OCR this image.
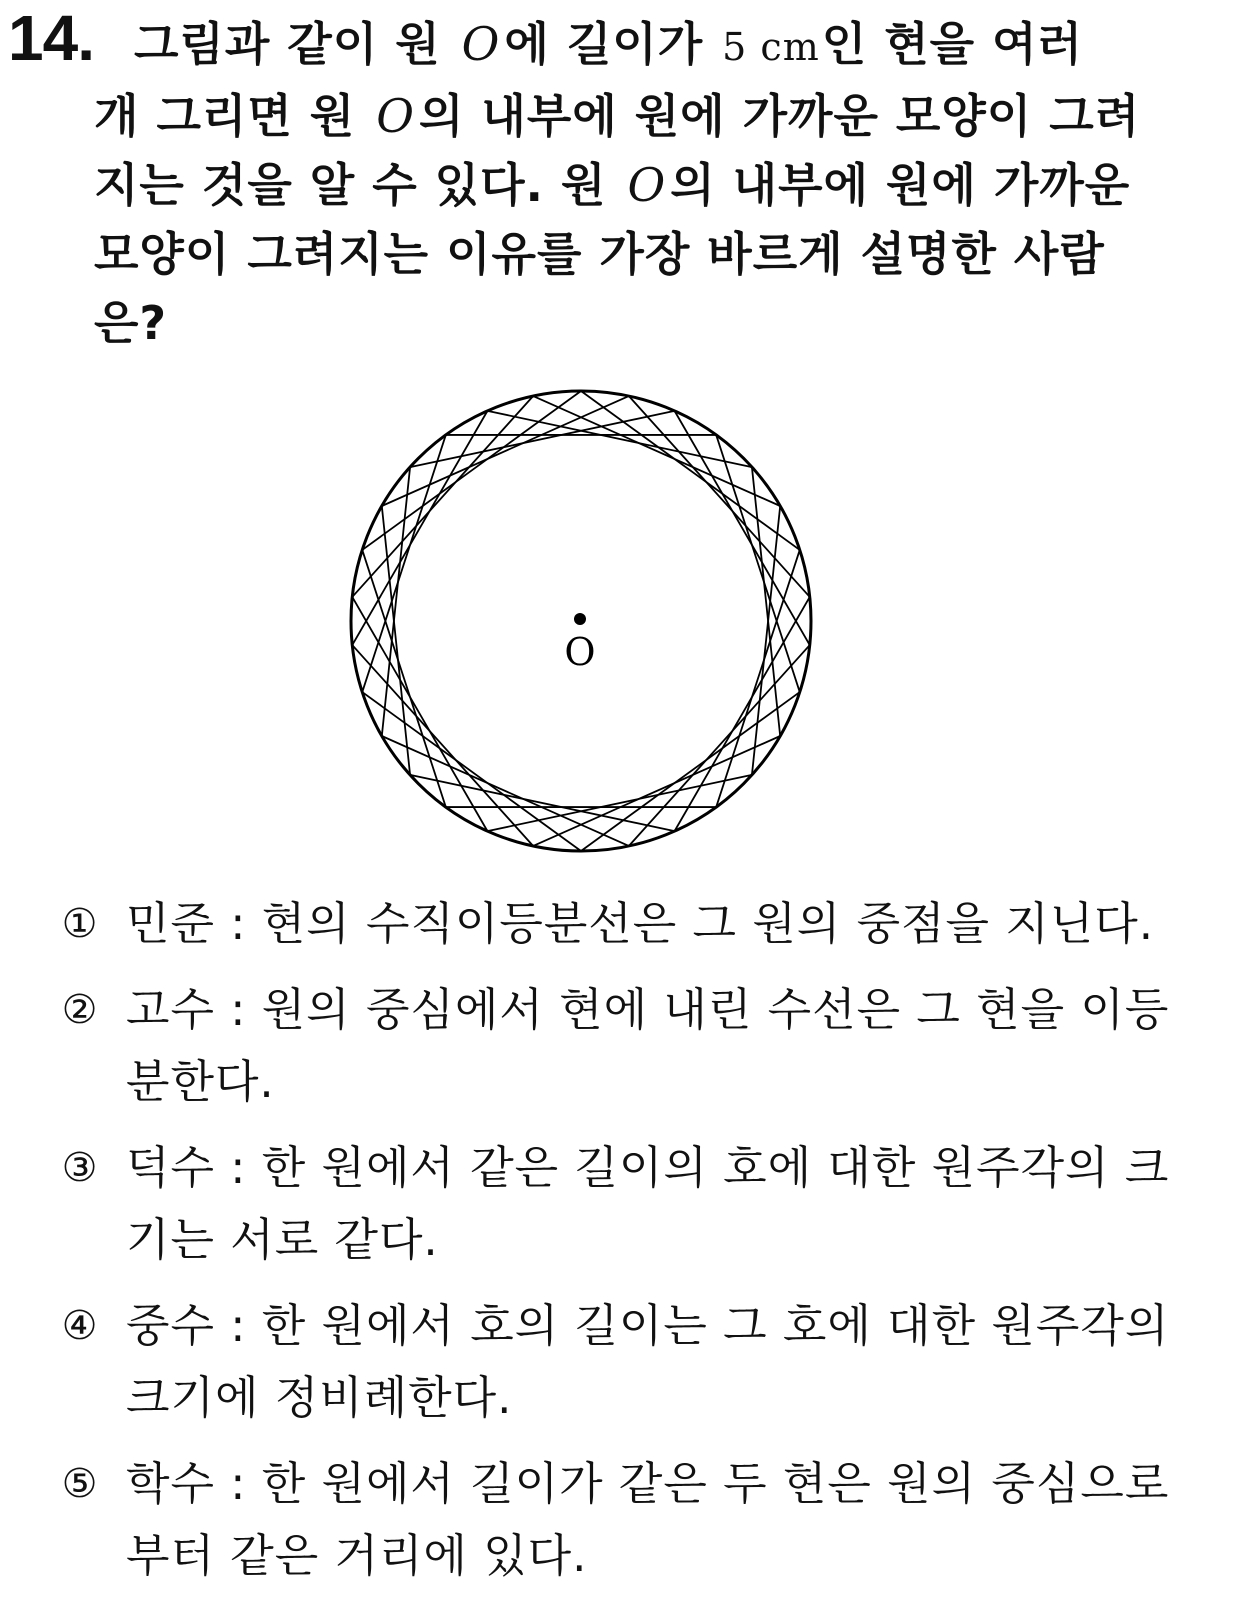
14. 그림과 같이 원 O에 길이가 5 cm인 현을 여러
개 그리면 원 O의 내부에 원에 가까운 모양이 그려
지는 것을 알 수 있다. 원 O의 내부에 원에 가까운
모양이 그려지는 이유를 가장 바르게 설명한 사람
은?
O
① 민준 : 현의 수직이등분선은 그 원의 중점을 지닌다.
② 고수 : 원의 중심에서 현에 내린 수선은 그 현을 이등
분한다.
③ 덕수 : 한 원에서 같은 길이의 호에 대한 원주각의 크
기는 서로 같다.
④ 중수 : 한 원에서 호의 길이는 그 호에 대한 원주각의
크기에 정비례한다.
⑤ 학수 : 한 원에서 길이가 같은 두 현은 원의 중심으로
부터 같은 거리에 있다.
